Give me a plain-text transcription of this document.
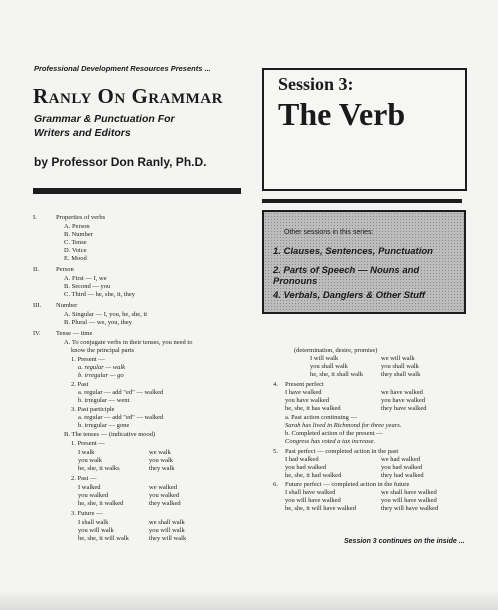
Professional Development Resources Presents ...
Ranly On Grammar
Grammar & Punctuation For
Writers and Editors
by Professor Don Ranly, Ph.D.
Session 3:
The Verb
Other sessions in this series:
1. Clauses, Sentences, Punctuation
2. Parts of Speech — Nouns and Pronouns
4. Verbals, Danglers & Other Stuff
I.	Properties of verbs
A. Person
B. Number
C. Tense
D. Voice
E. Mood
II.	Person
A. First — I, we
B. Second — you
C. Third — he, she, it, they
III. Number
A. Singular — I, you, he, she, it
B. Plural — we, you, they
IV. Tense — time
A. To conjugate verbs in their tenses, you need to
know the principal parts
1. Present —
a. regular — walk
b. irregular — go
2. Past
a. regular — add "ed" — walked
b. irregular — went
3. Past participle
a. regular — add "ed" — walked
b. irregular — gone
B. The tenses — (indicative mood)
1. Present —
I walk	we walk
you walk	you walk
he, she, it walks	they walk
2. Past —
I walked	we walked
you walked	you walked
he, she, it walked	they walked
3. Future —
I shall walk	we shall walk
you will walk	you will walk
he, she, it will walk	they will walk
(determination, desire, promise)
I will walk	we will walk
you shall walk	you shall walk
he, she, it shall walk	they shall walk
4. Present perfect
I have walked	we have walked
you have walked	you have walked
he, she, it has walked	they have walked
a. Past action continuing —
Sarah has lived in Richmond for three years.
b. Completed action of the present —
Congress has voted a tax increase.
5. Past perfect — completed action in the past
I had walked	we had walked
you had walked	you had walked
he, she, it had walked	they had walked
6. Future perfect — completed action in the future
I shall have walked	we shall have walked
you will have walked	you will have walked
he, she, it will have walked	they will have walked
Session 3 continues on the inside ...
